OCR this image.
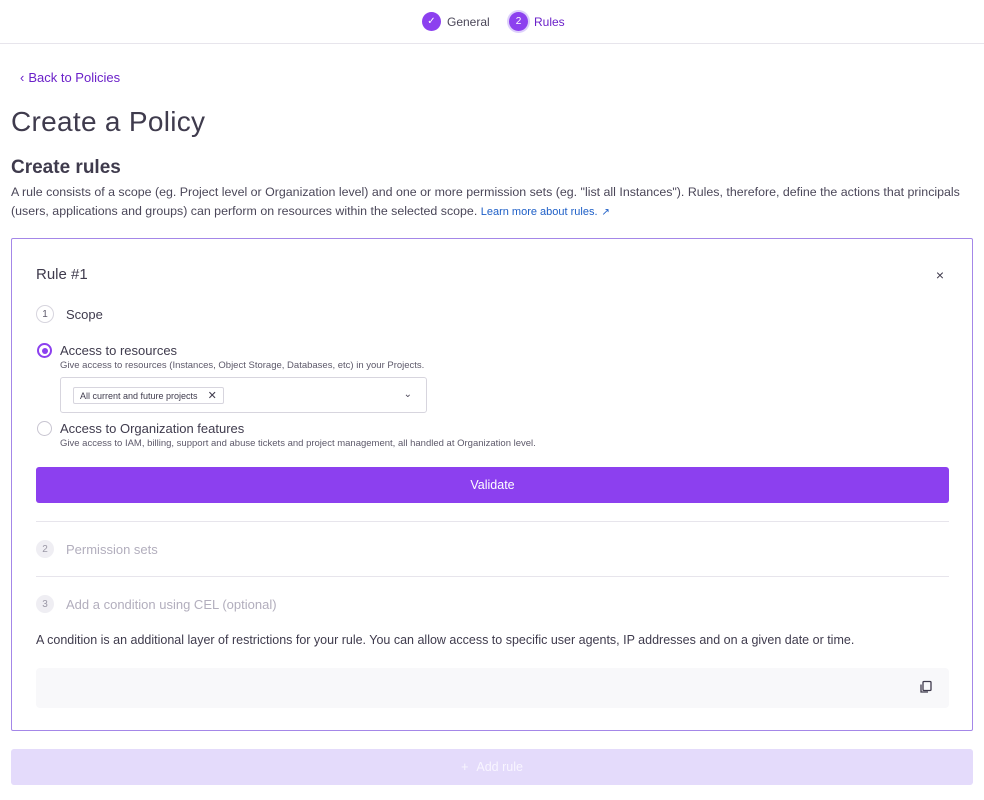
✓ General	2	Rules
‹ Back to Policies
Create a Policy
Create rules

A rule consists of a scope (eg. Project level or Organization level) and one or more permission sets (eg. "list all Instances"). Rules, therefore, define the actions that principals (users, applications and groups) can perform on resources within the selected scope. Learn more about rules. ↗

Rule #1	×
1	Scope
Access to resources
Give access to resources (Instances, Object Storage, Databases, etc) in your Projects.
All current and future projects ✕	⌄
Access to Organization features
Give access to IAM, billing, support and abuse tickets and project management, all handled at Organization level.
Validate
2	Permission sets
3	Add a condition using CEL (optional)
A condition is an additional layer of restrictions for your rule. You can allow access to specific user agents, IP addresses and on a given date or time.
+ Add rule
